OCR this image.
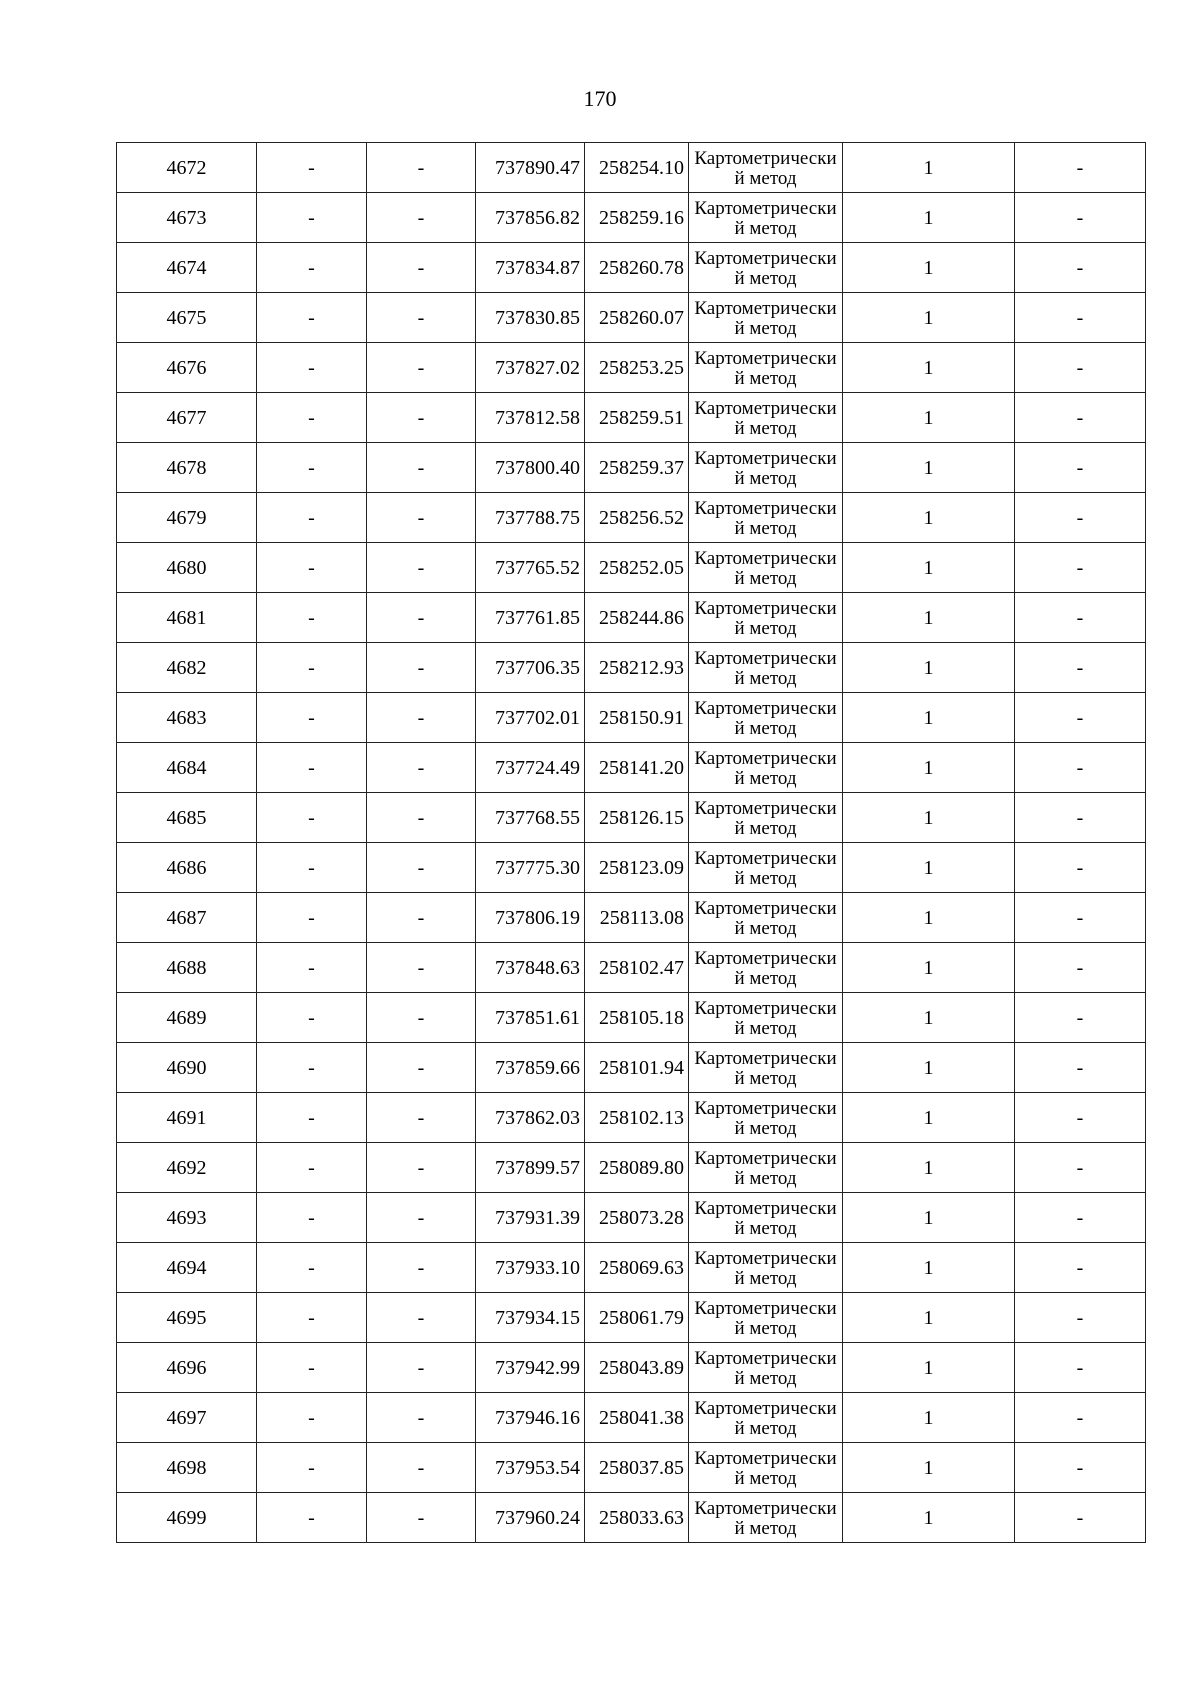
170
4672	-	-	737890.47	258254.10	Картометрический метод	1	-
4673	-	-	737856.82	258259.16	Картометрический метод	1	-
4674	-	-	737834.87	258260.78	Картометрический метод	1	-
4675	-	-	737830.85	258260.07	Картометрический метод	1	-
4676	-	-	737827.02	258253.25	Картометрический метод	1	-
4677	-	-	737812.58	258259.51	Картометрический метод	1	-
4678	-	-	737800.40	258259.37	Картометрический метод	1	-
4679	-	-	737788.75	258256.52	Картометрический метод	1	-
4680	-	-	737765.52	258252.05	Картометрический метод	1	-
4681	-	-	737761.85	258244.86	Картометрический метод	1	-
4682	-	-	737706.35	258212.93	Картометрический метод	1	-
4683	-	-	737702.01	258150.91	Картометрический метод	1	-
4684	-	-	737724.49	258141.20	Картометрический метод	1	-
4685	-	-	737768.55	258126.15	Картометрический метод	1	-
4686	-	-	737775.30	258123.09	Картометрический метод	1	-
4687	-	-	737806.19	258113.08	Картометрический метод	1	-
4688	-	-	737848.63	258102.47	Картометрический метод	1	-
4689	-	-	737851.61	258105.18	Картометрический метод	1	-
4690	-	-	737859.66	258101.94	Картометрический метод	1	-
4691	-	-	737862.03	258102.13	Картометрический метод	1	-
4692	-	-	737899.57	258089.80	Картометрический метод	1	-
4693	-	-	737931.39	258073.28	Картометрический метод	1	-
4694	-	-	737933.10	258069.63	Картометрический метод	1	-
4695	-	-	737934.15	258061.79	Картометрический метод	1	-
4696	-	-	737942.99	258043.89	Картометрический метод	1	-
4697	-	-	737946.16	258041.38	Картометрический метод	1	-
4698	-	-	737953.54	258037.85	Картометрический метод	1	-
4699	-	-	737960.24	258033.63	Картометрический метод	1	-
